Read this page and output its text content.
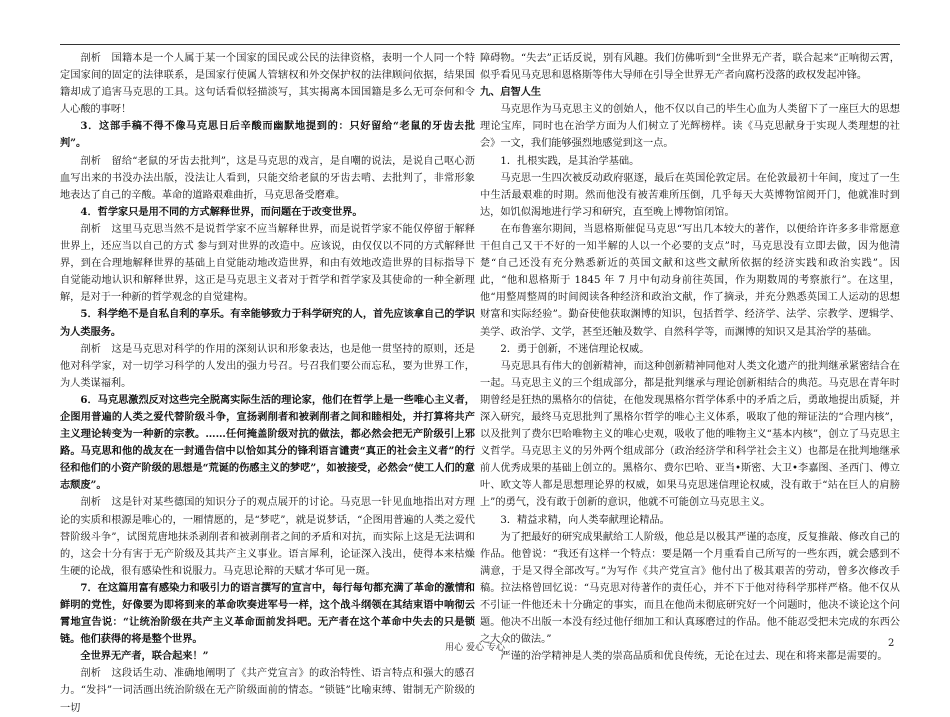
剖析　国籍本是一个人属于某一个国家的国民或公民的法律资格，表明一个人同一个特定国家间的固定的法律联系，是国家行使属人管辖权和外交保护权的法律顾问依据，结果国籍却成了追害马克思的工具。这句话看似轻描淡写，其实揭离本国国籍是多么无可奈何和令人心酸的事呀！

3．这部手稿不得不像马克思日后辛酸而幽默地提到的：只好留给“老鼠的牙齿去批判”。

剖析　留给“老鼠的牙齿去批判”，这是马克思的戏言，是自嘲的说法，是说自己呕心沥血写出来的书没办法出版，没法让人看到，只能交给老鼠的牙齿去啃、去批判了，非常形象地表达了自己的辛酸。革命的道路艰难曲折，马克思备受磨难。

4．哲学家只是用不同的方式解释世界，而问题在于改变世界。

剖析　这里马克思当然不是说哲学家不应当解释世界，而是说哲学家不能仅停留于解释世界上，还应当以自己的方式 参与到对世界的改造中。应该说，由仅仅以不同的方式解释世界，到在合理地解释世界的基础上自觉能动地改造世界，和由有效地改造世界的目标指导下自觉能动地认识和解释世界，这正是马克思主义者对于哲学和哲学家及其使命的一种全新理解，是对于一种新的哲学观念的自觉建构。

5．科学绝不是自私自利的享乐。有幸能够致力于科学研究的人，首先应该拿自己的学识为人类服务。

剖析　这是马克思对科学的作用的深刻认识和形象表达，也是他一贯坚持的原则，还是他对科学家，对一切学习科学的人发出的强力号召。号召我们要公而忘私，要为世界工作，为人类谋福利。

6．马克思激烈反对这些完全脱离实际生活的理论家，他们在哲学上是一些唯心主义者，企图用普遍的人类之爱代替阶级斗争，宣扬剥削者和被剥削者之间和睦相处，并打算将共产主义理论转变为一种新的宗教。……任何掩盖阶级对抗的做法，都必然会把无产阶级引上邪路。马克思和他的战友在一封通告信中以恰如其分的锋利语言谴责“真正的社会主义者”的行径和他们的小资产阶级的思想是“荒诞的伤感主义的梦呓”，如被接受，必然会“使工人们的意志颓废”。

剖析　这是针对某些德国的知识分子的观点展开的讨论。马克思一针见血地指出对方理论的实质和根源是唯心的，一厢情愿的，是“梦呓”，就是说梦话，“企图用普遍的人类之爱代替阶级斗争”，试图荒唐地抹杀剥削者和被剥削者之间的矛盾和对抗，而实际上这是无法调和的，这会十分有害于无产阶级及其共产主义事业。语言犀利，论证深入浅出，使得本来枯燥生硬的论战，很有感染性和说服力。马克思论辩的天赋才华可见一斑。

7．在这篇用富有感染力和吸引力的语言撰写的宣言中，每行每句都充满了革命的激情和鲜明的党性，好像要为即将到来的革命吹奏进军号一样，这个战斗纲领在其结束语中响彻云霄地宣告说：“让统治阶级在共产主义革命面前发抖吧。无产者在这个革命中失去的只是锁链。他们获得的将是整个世界。

全世界无产者，联合起来！”

剖析　这段话生动、准确地阐明了《共产党宣言》的政治特性、语言特点和强大的感召力。“发抖”一词活画出统治阶级在无产阶级面前的情态。“锁链”比喻束缚、钳制无产阶级的一切

障碍物。“失去”正话反说，别有风趣。我们仿佛听到“全世界无产者，联合起来”正响彻云霄，似乎看见马克思和恩格斯等伟大导师在引导全世界无产者向腐朽没落的政权发起冲锋。

九、启智人生

马克思作为马克思主义的创始人，他不仅以自己的毕生心血为人类留下了一座巨大的思想理论宝库，同时也在治学方面为人们树立了光辉榜样。读《马克思献身于实现人类理想的社会》一文，我们能够强烈地感觉到这一点。

1．扎根实践，是其治学基础。

马克思一生四次被反动政府驱逐，最后在英国伦敦定居。在伦敦最初十年间，度过了一生中生活最艰难的时期。然而他没有被苦难所压倒，几乎每天大英博物馆阅开门，他就准时到达，如饥似渴地进行学习和研究，直至晚上博物馆闭馆。

在布鲁塞尔期间，当恩格斯催促马克思“写出几本较大的著作，以便给许许多多非常愿意干但自己又干不好的一知半解的人以一个必要的支点”时，马克思没有立即去做，因为他清楚“自己还没有充分熟悉新近的英国文献和这些文献所依据的经济实践和政治实践”。因此，“他和恩格斯于 1845 年 7 月中旬动身前往英国，作为期数周的考察旅行”。在这里，他“用整周整周的时间阅读各种经济和政治文献，作了摘录，并充分熟悉英国工人运动的思想财富和实际经验”。勤奋使他获取渊博的知识，包括哲学、经济学、法学、宗教学、逻辑学、美学、政治学、文学，甚至还触及数学、自然科学等，而渊博的知识又是其治学的基础。

2．勇于创新，不迷信理论权威。

马克思具有伟大的创新精神，而这种创新精神同他对人类文化遗产的批判继承紧密结合在一起。马克思主义的三个组成部分，都是批判继承与理论创新相结合的典范。马克思在青年时期曾经是狂热的黑格尔的信徒，在他发现黑格尔哲学体系中的矛盾之后，勇敢地提出质疑，并深入研究，最终马克思批判了黑格尔哲学的唯心主义体系，吸取了他的辩证法的“合理内核”，以及批判了费尔巴哈唯物主义的唯心史观，吸收了他的唯物主义“基本内核”，创立了马克思主义哲学。马克思主义的另外两个组成部分（政治经济学和科学社会主义）也都是在批判地继承前人优秀成果的基础上创立的。黑格尔、费尔巴哈、亚当•斯密、大卫•李嘉图、圣西门、傅立叶、欧文等人都是思想理论界的权威，如果马克思迷信理论权威，没有敢于“站在巨人的肩膀上”的勇气，没有敢于创新的意识，他就不可能创立马克思主义。

3．精益求精，向人类奉献理论精品。

为了把最好的研究成果献给工人阶级，他总是以极其严谨的态度，反复推敲、修改自己的作品。他曾说：“我还有这样一个特点：要是隔一个月重看自己所写的一些东西，就会感到不满意，于是又得全部改写。”为写作《共产党宣言》他付出了极其艰苦的劳动，曾多次修改手稿。拉法格曾回忆说：“马克思对待著作的责任心，并不下于他对待科学那样严格。他不仅从不引证一件他还未十分确定的事实，而且在他尚未彻底研究好一个问题时，他决不谈论这个问题。他决不出版一本没有经过他仔细加工和认真琢磨过的作品。他不能忍受把未完成的东西公之大众的做法。”

严谨的治学精神是人类的崇高品质和优良传统，无论在过去、现在和将来都是需要的。

用心 爱心 专心	2
